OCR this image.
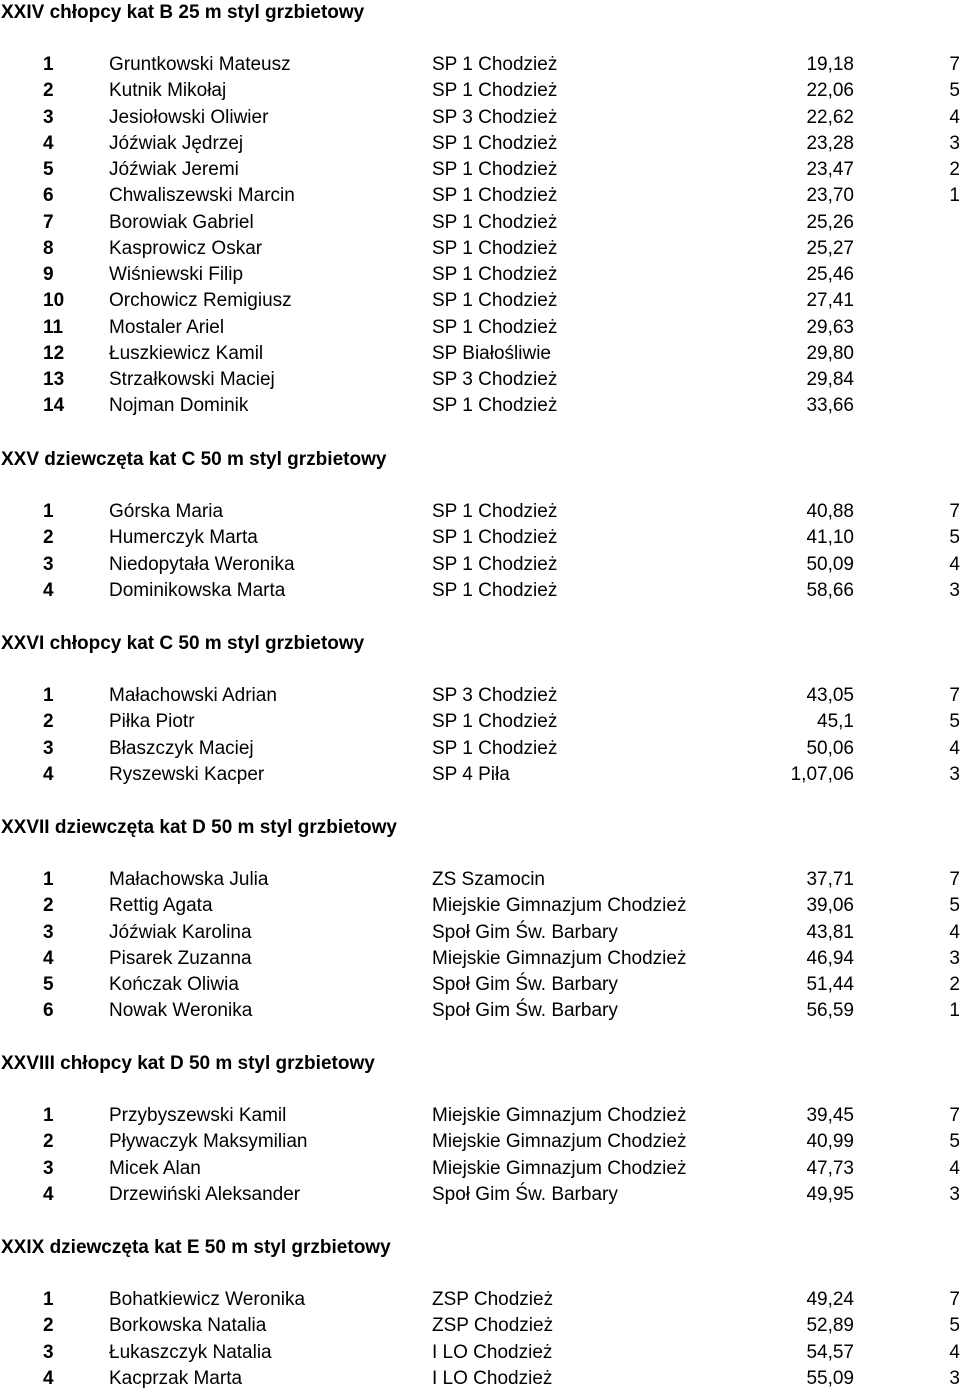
XXIV chłopcy kat B 25 m styl grzbietowy
1	Gruntkowski Mateusz	SP 1 Chodzież	19,18	7
2	Kutnik Mikołaj	SP 1 Chodzież	22,06	5
3	Jesiołowski Oliwier	SP 3 Chodzież	22,62	4
4	Jóźwiak Jędrzej	SP 1 Chodzież	23,28	3
5	Jóźwiak Jeremi	SP 1 Chodzież	23,47	2
6	Chwaliszewski Marcin	SP 1 Chodzież	23,70	1
7	Borowiak Gabriel	SP 1 Chodzież	25,26
8	Kasprowicz Oskar	SP 1 Chodzież	25,27
9	Wiśniewski Filip	SP 1 Chodzież	25,46
10 Orchowicz Remigiusz	SP 1 Chodzież	27,41
11 Mostaler Ariel	SP 1 Chodzież	29,63
12 Łuszkiewicz Kamil	SP Białośliwie	29,80
13 Strzałkowski Maciej	SP 3 Chodzież	29,84
14 Nojman Dominik	SP 1 Chodzież	33,66
XXV dziewczęta kat C 50 m styl grzbietowy
1	Górska Maria	SP 1 Chodzież	40,88	7
2	Humerczyk Marta	SP 1 Chodzież	41,10	5
3	Niedopytała Weronika	SP 1 Chodzież	50,09	4
4	Dominikowska Marta	SP 1 Chodzież	58,66	3
XXVI chłopcy kat C 50 m styl grzbietowy
1	Małachowski Adrian	SP 3 Chodzież	43,05	7
2	Piłka Piotr	SP 1 Chodzież	45,1	5
3	Błaszczyk Maciej	SP 1 Chodzież	50,06	4
4	Ryszewski Kacper	SP 4 Piła	1,07,06	3
XXVII dziewczęta kat D 50 m styl grzbietowy
1	Małachowska Julia	ZS Szamocin	37,71	7
2	Rettig Agata	Miejskie Gimnazjum Chodzież	39,06	5
3	Jóźwiak Karolina	Społ Gim Św. Barbary	43,81	4
4	Pisarek Zuzanna	Miejskie Gimnazjum Chodzież	46,94	3
5	Kończak Oliwia	Społ Gim Św. Barbary	51,44	2
6	Nowak Weronika	Społ Gim Św. Barbary	56,59	1
XXVIII chłopcy kat D 50 m styl grzbietowy
1	Przybyszewski Kamil	Miejskie Gimnazjum Chodzież	39,45	7
2	Pływaczyk Maksymilian	Miejskie Gimnazjum Chodzież	40,99	5
3	Micek Alan	Miejskie Gimnazjum Chodzież	47,73	4
4	Drzewiński Aleksander	Społ Gim Św. Barbary	49,95	3
XXIX dziewczęta kat E 50 m styl grzbietowy
1	Bohatkiewicz Weronika	ZSP Chodzież	49,24	7
2	Borkowska Natalia	ZSP Chodzież	52,89	5
3	Łukaszczyk Natalia	I LO Chodzież	54,57	4
4	Kacprzak Marta	I LO Chodzież	55,09	3
